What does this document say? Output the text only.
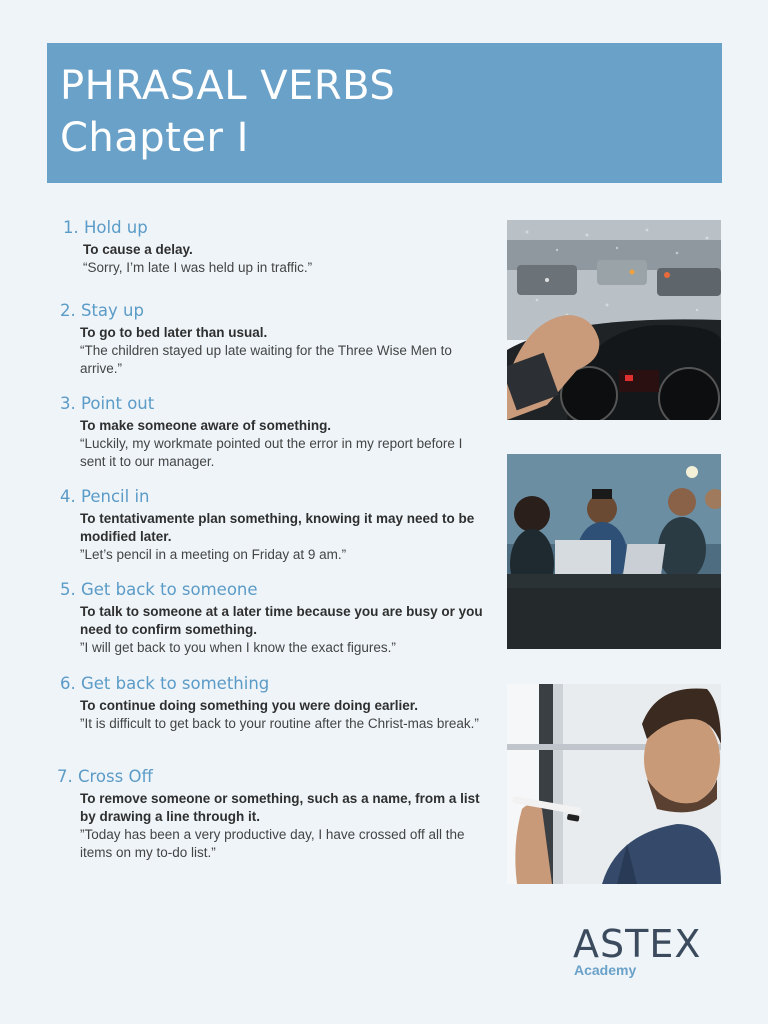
PHRASAL VERBS
Chapter I
1. Hold up
To cause a delay.
“Sorry, I’m late I was held up in traffic.”
2. Stay up
To go to bed later than usual.
“The children stayed up late waiting for the Three Wise Men to arrive.”
3. Point out
To make someone aware of something.
“Luckily, my workmate pointed out the error in my report before I sent it to our manager.
4. Pencil in
To tentativamente plan something, knowing it may need to be modified later.
”Let’s pencil in a meeting on Friday at 9 am.”
5. Get back to someone
To talk to someone at a later time because you are busy or you need to confirm something.
”I will get back to you when I know the exact figures.”
6. Get back to something
To continue doing something you were doing earlier.
”It is difficult to get back to your routine after the Christ-mas break.”
7. Cross Off
To remove someone or something, such as a name, from a list by drawing a line through it.
”Today has been a very productive day, I have crossed off all the items on my to-do list.”
ASTEX
Academy
